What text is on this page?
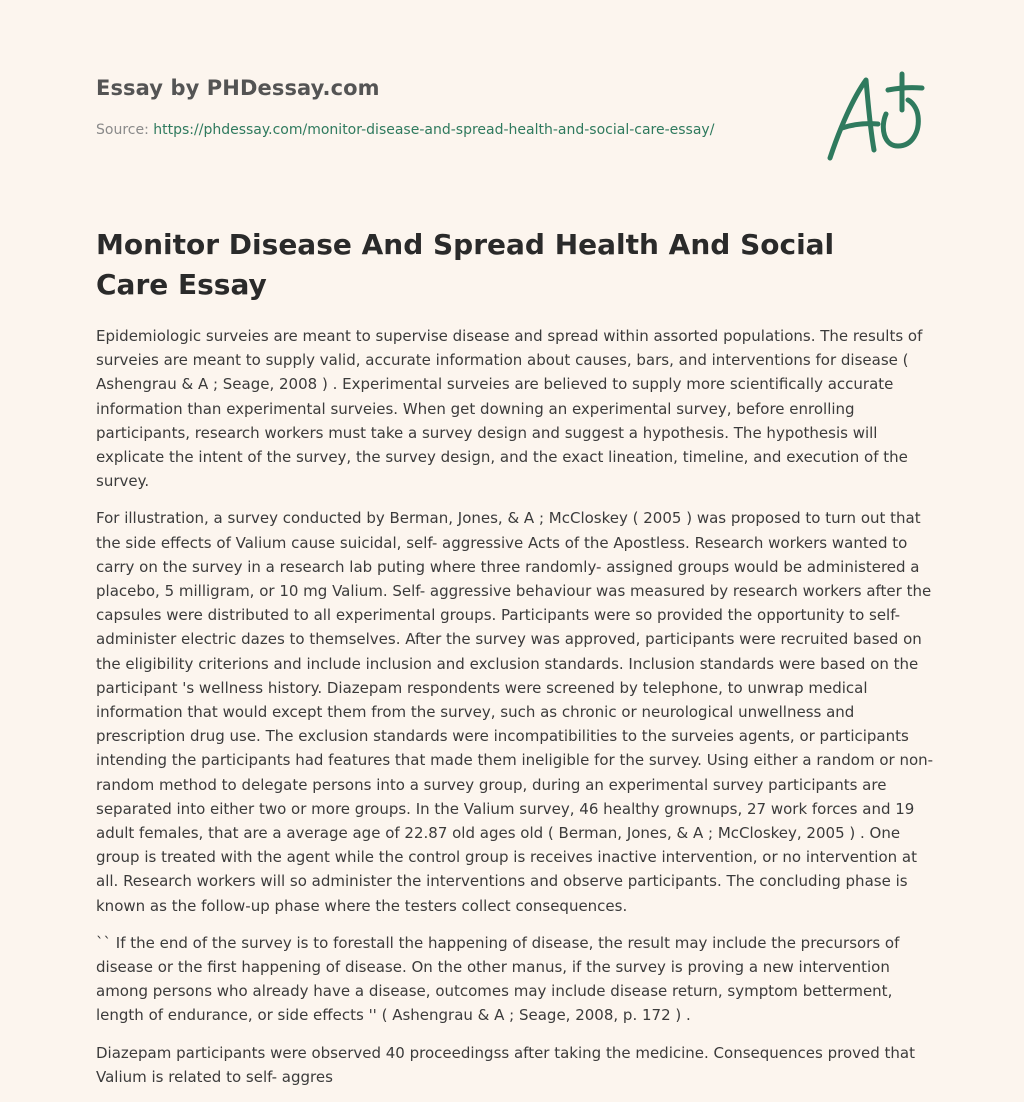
Essay by PHDessay.com
Source: https://phdessay.com/monitor-disease-and-spread-health-and-social-care-essay/
Monitor Disease And Spread Health And Social Care Essay

Epidemiologic surveies are meant to supervise disease and spread within assorted populations. The results of surveies are meant to supply valid, accurate information about causes, bars, and interventions for disease ( Ashengrau & A ; Seage, 2008 ) . Experimental surveies are believed to supply more scientifically accurate information than experimental surveies. When get downing an experimental survey, before enrolling participants, research workers must take a survey design and suggest a hypothesis. The hypothesis will explicate the intent of the survey, the survey design, and the exact lineation, timeline, and execution of the survey.

For illustration, a survey conducted by Berman, Jones, & A ; McCloskey ( 2005 ) was proposed to turn out that the side effects of Valium cause suicidal, self- aggressive Acts of the Apostless. Research workers wanted to carry on the survey in a research lab puting where three randomly- assigned groups would be administered a placebo, 5 milligram, or 10 mg Valium. Self- aggressive behaviour was measured by research workers after the capsules were distributed to all experimental groups. Participants were so provided the opportunity to self- administer electric dazes to themselves. After the survey was approved, participants were recruited based on the eligibility criterions and include inclusion and exclusion standards. Inclusion standards were based on the participant 's wellness history. Diazepam respondents were screened by telephone, to unwrap medical information that would except them from the survey, such as chronic or neurological unwellness and prescription drug use. The exclusion standards were incompatibilities to the surveies agents, or participants intending the participants had features that made them ineligible for the survey. Using either a random or non-random method to delegate persons into a survey group, during an experimental survey participants are separated into either two or more groups. In the Valium survey, 46 healthy grownups, 27 work forces and 19 adult females, that are a average age of 22.87 old ages old ( Berman, Jones, & A ; McCloskey, 2005 ) . One group is treated with the agent while the control group is receives inactive intervention, or no intervention at all. Research workers will so administer the interventions and observe participants. The concluding phase is known as the follow-up phase where the testers collect consequences.

`` If the end of the survey is to forestall the happening of disease, the result may include the precursors of disease or the first happening of disease. On the other manus, if the survey is proving a new intervention among persons who already have a disease, outcomes may include disease return, symptom betterment, length of endurance, or side effects '' ( Ashengrau & A ; Seage, 2008, p. 172 ) .

Diazepam participants were observed 40 proceedingss after taking the medicine. Consequences proved that Valium is related to self- aggres
